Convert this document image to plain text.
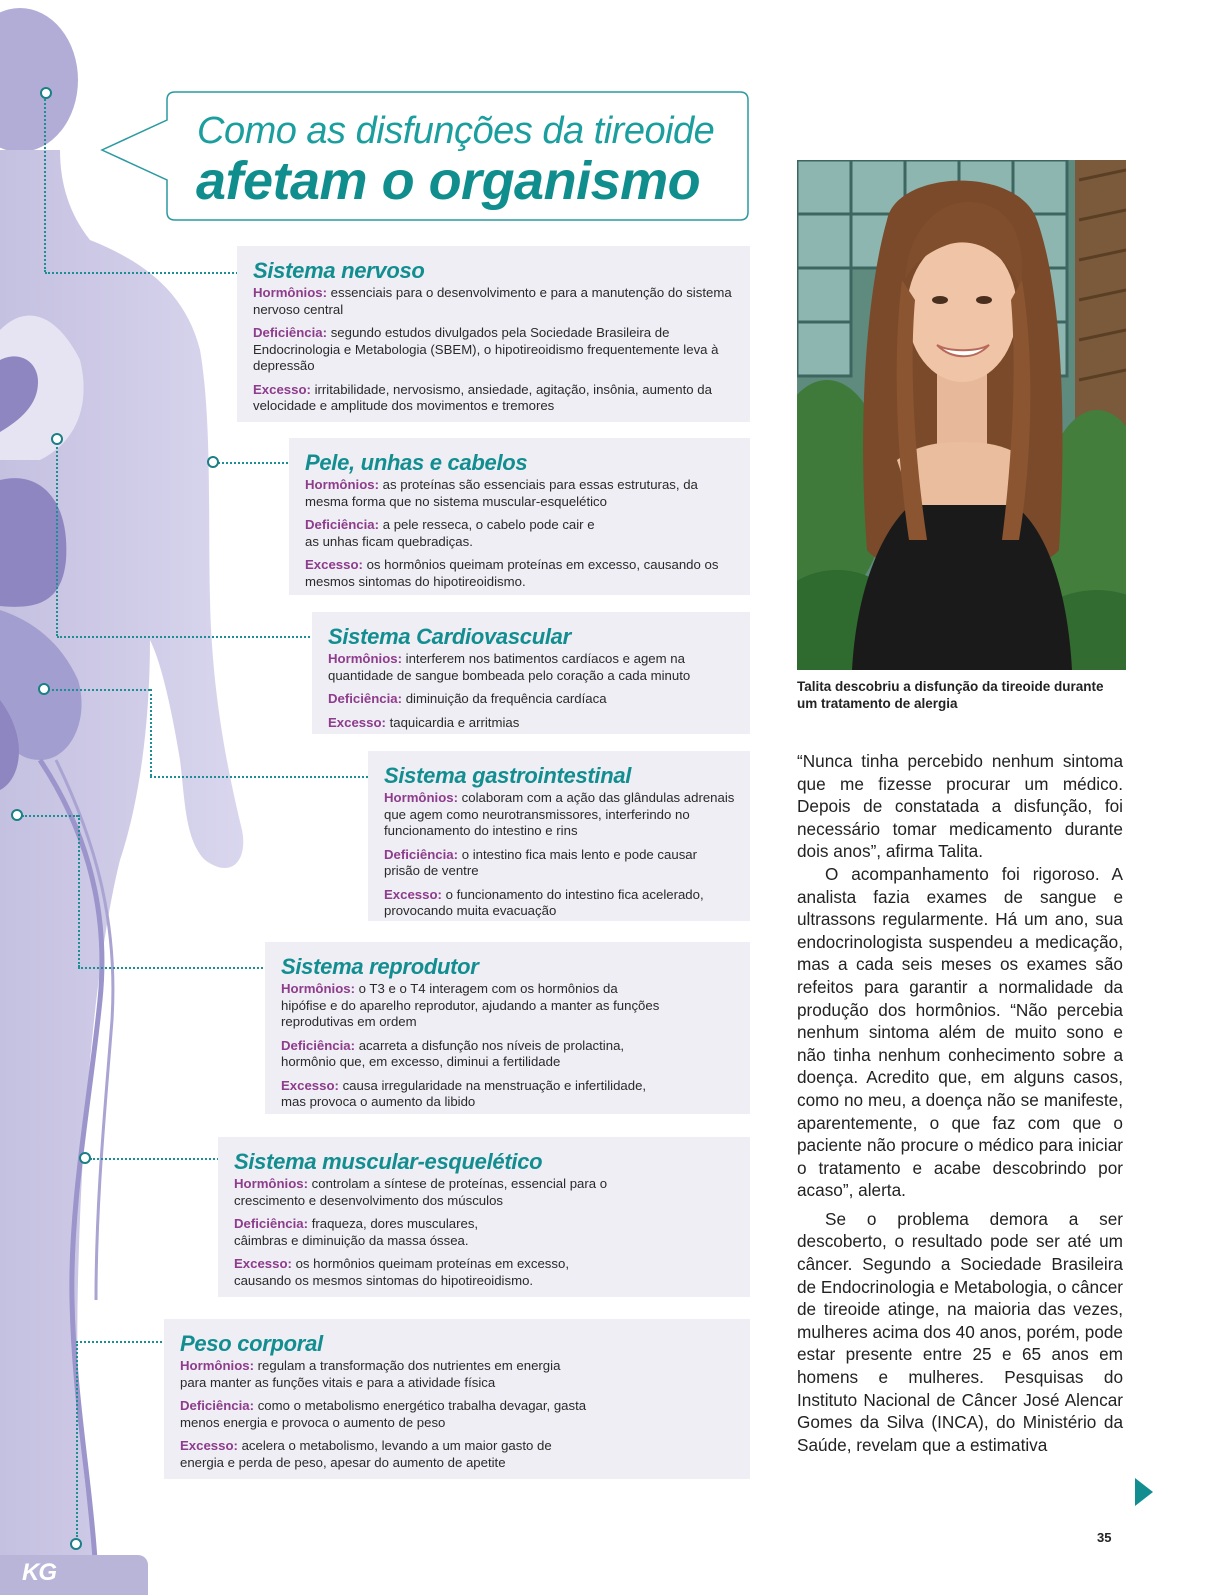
Como as disfunções da tireoide
afetam o organismo
Sistema nervoso

Hormônios: essenciais para o desenvolvimento e para a manutenção do sistema nervoso central

Deficiência: segundo estudos divulgados pela Sociedade Brasileira de Endocrinologia e Metabologia (SBEM), o hipotireoidismo frequentemente leva à depressão

Excesso: irritabilidade, nervosismo, ansiedade, agitação, insônia, aumento da velocidade e amplitude dos movimentos e tremores

Pele, unhas e cabelos

Hormônios: as proteínas são essenciais para essas estruturas, da mesma forma que no sistema muscular-esquelético

Deficiência: a pele resseca, o cabelo pode cair e as unhas ficam quebradiças.

Excesso: os hormônios queimam proteínas em excesso, causando os mesmos sintomas do hipotireoidismo.

Sistema Cardiovascular

Hormônios: interferem nos batimentos cardíacos e agem na quantidade de sangue bombeada pelo coração a cada minuto

Deficiência: diminuição da frequência cardíaca

Excesso: taquicardia e arritmias

Sistema gastrointestinal

Hormônios: colaboram com a ação das glândulas adrenais que agem como neurotransmissores, interferindo no funcionamento do intestino e rins

Deficiência: o intestino fica mais lento e pode causar prisão de ventre

Excesso: o funcionamento do intestino fica acelerado, provocando muita evacuação

Sistema reprodutor

Hormônios: o T3 e o T4 interagem com os hormônios da hipófise e do aparelho reprodutor, ajudando a manter as funções reprodutivas em ordem

Deficiência: acarreta a disfunção nos níveis de prolactina, hormônio que, em excesso, diminui a fertilidade

Excesso: causa irregularidade na menstruação e infertilidade, mas provoca o aumento da libido

Sistema muscular-esquelético

Hormônios: controlam a síntese de proteínas, essencial para o crescimento e desenvolvimento dos músculos

Deficiência: fraqueza, dores musculares, câimbras e diminuição da massa óssea.

Excesso: os hormônios queimam proteínas em excesso, causando os mesmos sintomas do hipotireoidismo.

Peso corporal

Hormônios: regulam a transformação dos nutrientes em energia para manter as funções vitais e para a atividade física

Deficiência: como o metabolismo energético trabalha devagar, gasta menos energia e provoca o aumento de peso

Excesso: acelera o metabolismo, levando a um maior gasto de energia e perda de peso, apesar do aumento de apetite

Talita descobriu a disfunção da tireoide durante um tratamento de alergia

“Nunca tinha percebido nenhum sintoma que me fizesse procurar um médico. Depois de constatada a disfunção, foi necessário tomar medicamento durante dois anos”, afirma Talita.

O acompanhamento foi rigoroso. A analista fazia exames de sangue e ultrassons regularmente. Há um ano, sua endocrinologista suspendeu a medicação, mas a cada seis meses os exames são refeitos para garantir a normalidade da produção dos hormônios. “Não percebia nenhum sintoma além de muito sono e não tinha nenhum conhecimento sobre a doença. Acredito que, em alguns casos, como no meu, a doença não se manifeste, aparentemente, o que faz com que o paciente não procure o médico para iniciar o tratamento e acabe descobrindo por acaso”, alerta.

Se o problema demora a ser descoberto, o resultado pode ser até um câncer. Segundo a Sociedade Brasileira de Endocrinologia e Metabologia, o câncer de tireoide atinge, na maioria das vezes, mulheres acima dos 40 anos, porém, pode estar presente entre 25 e 65 anos em homens e mulheres. Pesquisas do Instituto Nacional de Câncer José Alencar Gomes da Silva (INCA), do Ministério da Saúde, revelam que a estimativa

35
KG
